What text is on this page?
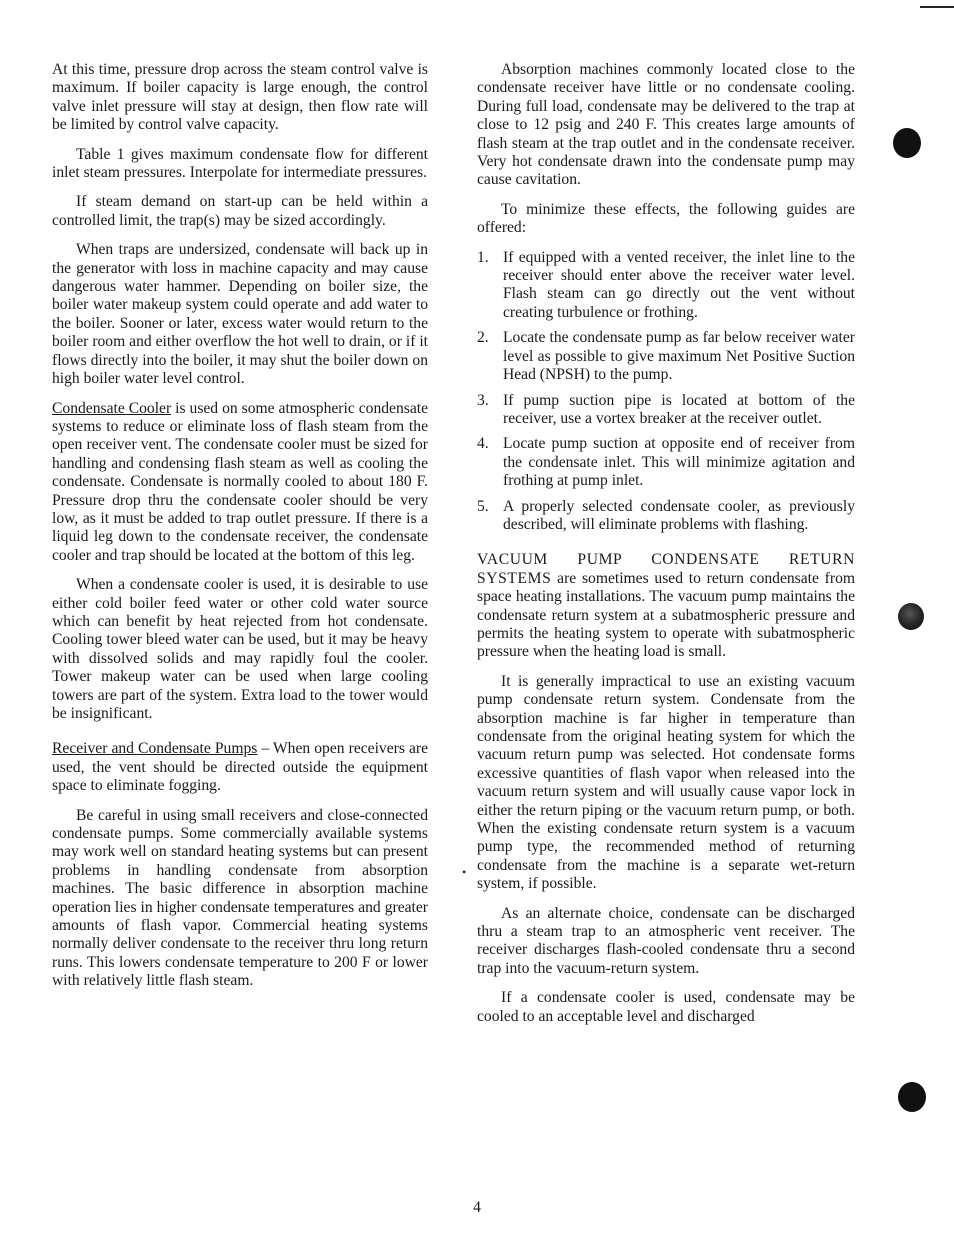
At this time, pressure drop across the steam control valve is maximum. If boiler capacity is large enough, the control valve inlet pressure will stay at design, then flow rate will be limited by control valve capacity.

Table 1 gives maximum condensate flow for different inlet steam pressures. Interpolate for intermediate pressures.

If steam demand on start-up can be held within a controlled limit, the trap(s) may be sized accordingly.

When traps are undersized, condensate will back up in the generator with loss in machine capacity and may cause dangerous water hammer. Depending on boiler size, the boiler water makeup system could operate and add water to the boiler. Sooner or later, excess water would return to the boiler room and either overflow the hot well to drain, or if it flows directly into the boiler, it may shut the boiler down on high boiler water level control.

Condensate Cooler is used on some atmospheric condensate systems to reduce or eliminate loss of flash steam from the open receiver vent. The condensate cooler must be sized for handling and condensing flash steam as well as cooling the condensate. Condensate is normally cooled to about 180 F. Pressure drop thru the condensate cooler should be very low, as it must be added to trap outlet pressure. If there is a liquid leg down to the condensate receiver, the condensate cooler and trap should be located at the bottom of this leg.

When a condensate cooler is used, it is desirable to use either cold boiler feed water or other cold water source which can benefit by heat rejected from hot condensate. Cooling tower bleed water can be used, but it may be heavy with dissolved solids and may rapidly foul the cooler. Tower makeup water can be used when large cooling towers are part of the system. Extra load to the tower would be insignificant.

Receiver and Condensate Pumps – When open receivers are used, the vent should be directed outside the equipment space to eliminate fogging.

Be careful in using small receivers and close-connected condensate pumps. Some commercially available systems may work well on standard heating systems but can present problems in handling condensate from absorption machines. The basic difference in absorption machine operation lies in higher condensate temperatures and greater amounts of flash vapor. Commercial heating systems normally deliver condensate to the receiver thru long return runs. This lowers condensate temperature to 200 F or lower with relatively little flash steam.

Absorption machines commonly located close to the condensate receiver have little or no condensate cooling. During full load, condensate may be delivered to the trap at close to 12 psig and 240 F. This creates large amounts of flash steam at the trap outlet and in the condensate receiver. Very hot condensate drawn into the condensate pump may cause cavitation.

To minimize these effects, the following guides are offered:

1. If equipped with a vented receiver, the inlet line to the receiver should enter above the receiver water level. Flash steam can go directly out the vent without creating turbulence or frothing.
2. Locate the condensate pump as far below receiver water level as possible to give maximum Net Positive Suction Head (NPSH) to the pump.
3. If pump suction pipe is located at bottom of the receiver, use a vortex breaker at the receiver outlet.
4. Locate pump suction at opposite end of receiver from the condensate inlet. This will minimize agitation and frothing at pump inlet.
5. A properly selected condensate cooler, as previously described, will eliminate problems with flashing.

VACUUM PUMP CONDENSATE RETURN SYSTEMS are sometimes used to return condensate from space heating installations. The vacuum pump maintains the condensate return system at a subatmospheric pressure and permits the heating system to operate with subatmospheric pressure when the heating load is small.

It is generally impractical to use an existing vacuum pump condensate return system. Condensate from the absorption machine is far higher in temperature than condensate from the original heating system for which the vacuum return pump was selected. Hot condensate forms excessive quantities of flash vapor when released into the vacuum return system and will usually cause vapor lock in either the return piping or the vacuum return pump, or both. When the existing condensate return system is a vacuum pump type, the recommended method of returning condensate from the machine is a separate wet-return system, if possible.

As an alternate choice, condensate can be discharged thru a steam trap to an atmospheric vent receiver. The receiver discharges flash-cooled condensate thru a second trap into the vacuum-return system.

If a condensate cooler is used, condensate may be cooled to an acceptable level and discharged

•
4
